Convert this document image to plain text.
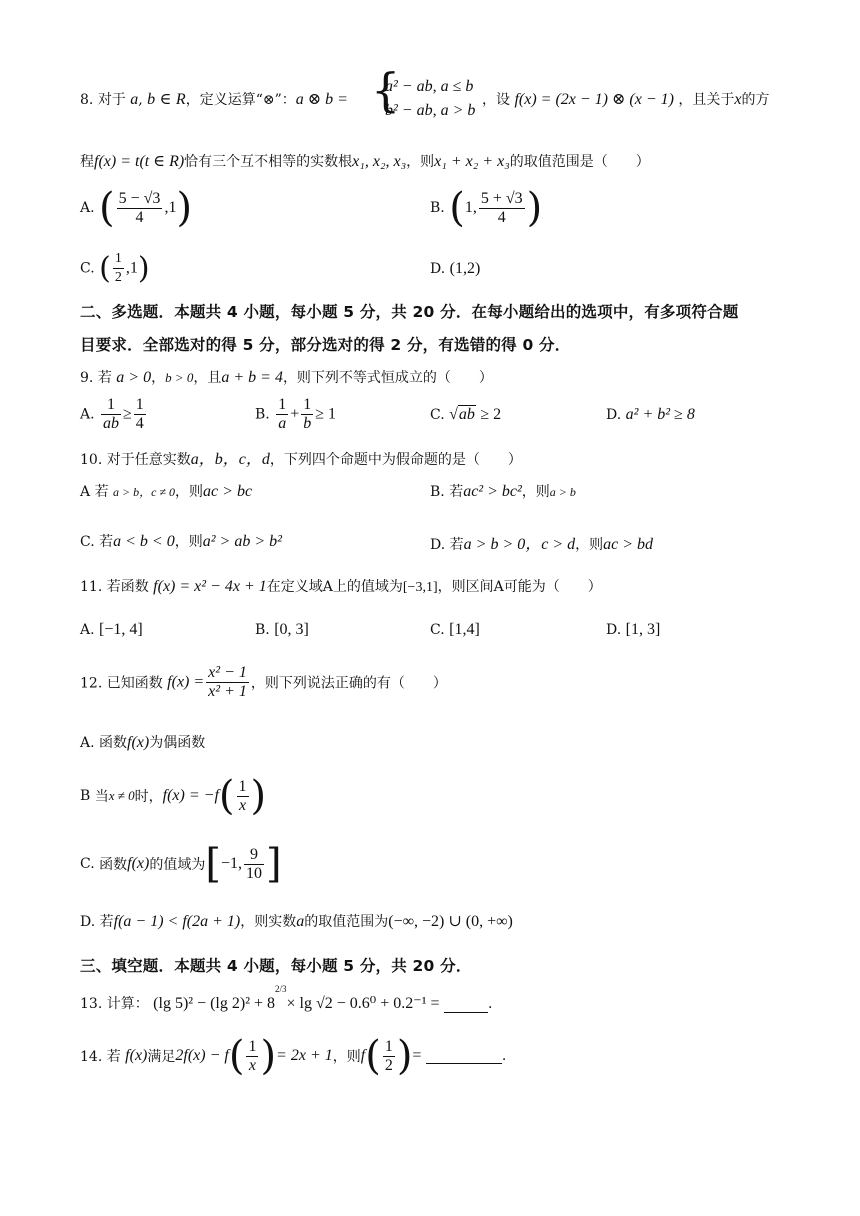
8. 对于 a, b ∈ R，定义运算“⊗”：a ⊗ b = {
a² − ab, a ≤ b
b² − ab, a > b
，设 f(x) = (2x − 1) ⊗ (x − 1) ，且关于x的方
程f(x) = t(t ∈ R)恰有三个互不相等的实数根x₁, x₂, x₃，则x₁ + x₂ + x₃的取值范围是（　　）
A. ( $\frac{5 - √3}{4} ,1$)	B. (1, $\frac{5 + √3}{4}$ )
C. ( $\frac{1}{2} ,1$)	D. (1,2)
二、多选题．本题共 4 小题，每小题 5 分，共 20 分．在每小题给出的选项中，有多项符合题
目要求．全部选对的得 5 分，部分选对的得 2 分，有选错的得 0 分．
9. 若 a > 0，b > 0，且a + b = 4，则下列不等式恒成立的（　　）
A. $\frac{1}{ab} \ge \frac{1}{4}$	B. $\frac{1}{a} + \frac{1}{b} \ge 1$	C. √ab ≥ 2	D. a² + b² ≥ 8
10. 对于任意实数a，b，c，d，下列四个命题中为假命题的是（　　）
A 若 a > b，c ≠ 0，则ac > bc	B. 若ac² > bc²，则a > b
C. 若a < b < 0，则a² > ab > b²	D. 若a > b > 0，c > d，则ac > bd
11. 若函数 f(x) = x² − 4x + 1在定义域A上的值域为[−3,1]，则区间A可能为（　　）
A. [−1, 4]	B. [0, 3]	C. [1,4]	D. [1, 3]
12. 已知函数 $f(x) = \frac{\text{x² − 1}}{\text{x² + 1}}$ ，则下列说法正确的有（　　）
A. 函数f(x)为偶函数
B 当x ≠ 0时，$f(x) = -f( \frac{1}{x}$ )
C. 函数f(x)的值域为[−1, $\frac{9}{10}$ ]
D. 若f(a − 1) < f(2a + 1)，则实数a的取值范围为(−∞, −2) ∪ (0, +∞)
三、填空题．本题共 4 小题，每小题 5 分，共 20 分．
13. 计算： (lg 5)² − (lg $2)^2 + 8^{2/3}\times \lg √2 - 0.6^0 + 0.2^{-1}$ =	.
14. 若 f(x)满足$2f(x) - f( \frac{1}{x}$ )= 2x + 1，则$f( \frac{1}{2}$ )=	.
